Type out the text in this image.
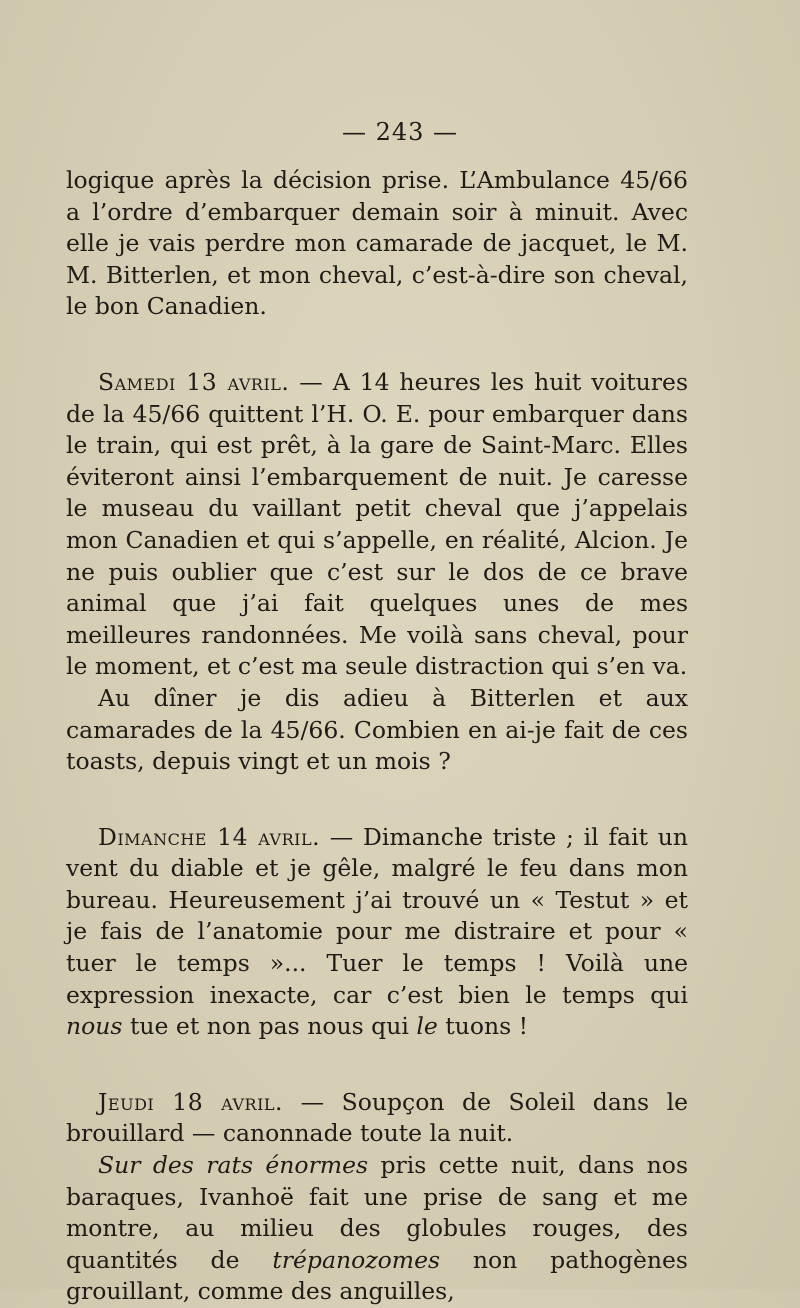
— 243 —

logique après la décision prise. L’Ambulance 45/66 a l’ordre d’embarquer demain soir à minuit. Avec elle je vais perdre mon camarade de jacquet, le M. M. Bitterlen, et mon cheval, c’est-à-dire son cheval, le bon Canadien.

Samedi 13 avril. — A 14 heures les huit voitures de la 45/66 quittent l’H. O. E. pour embarquer dans le train, qui est prêt, à la gare de Saint-Marc. Elles éviteront ainsi l’embarquement de nuit. Je caresse le museau du vaillant petit cheval que j’appelais mon Canadien et qui s’appelle, en réalité, Alcion. Je ne puis oublier que c’est sur le dos de ce brave animal que j’ai fait quelques unes de mes meilleures randonnées. Me voilà sans cheval, pour le moment, et c’est ma seule distraction qui s’en va.

Au dîner je dis adieu à Bitterlen et aux camarades de la 45/66. Combien en ai-je fait de ces toasts, depuis vingt et un mois ?

Dimanche 14 avril. — Dimanche triste ; il fait un vent du diable et je gêle, malgré le feu dans mon bureau. Heureusement j’ai trouvé un « Testut » et je fais de l’anatomie pour me distraire et pour « tuer le temps »... Tuer le temps ! Voilà une expression inexacte, car c’est bien le temps qui nous tue et non pas nous qui le tuons !

Jeudi 18 avril. — Soupçon de Soleil dans le brouillard — canonnade toute la nuit.

Sur des rats énormes pris cette nuit, dans nos baraques, Ivanhoë fait une prise de sang et me montre, au milieu des globules rouges, des quantités de trépanozomes non pathogènes grouillant, comme des anguilles,
